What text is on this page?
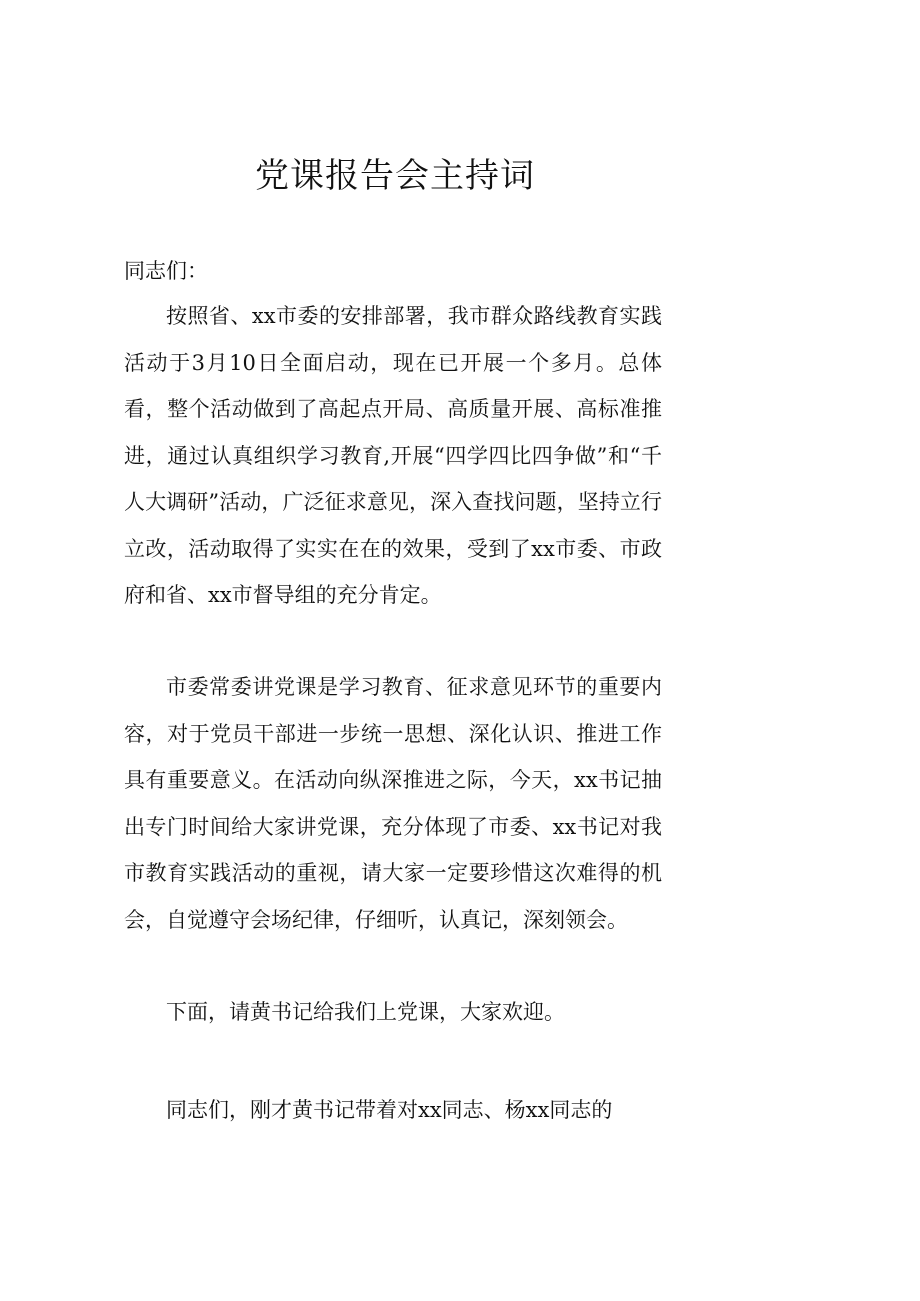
党课报告会主持词
同志们：

按照省、xx市委的安排部署，我市群众路线教育实践活动于3月10日全面启动，现在已开展一个多月。总体看，整个活动做到了高起点开局、高质量开展、高标准推进，通过认真组织学习教育,开展“四学四比四争做”和“千人大调研”活动，广泛征求意见，深入查找问题，坚持立行立改，活动取得了实实在在的效果，受到了xx市委、市政府和省、xx市督导组的充分肯定。

市委常委讲党课是学习教育、征求意见环节的重要内容，对于党员干部进一步统一思想、深化认识、推进工作具有重要意义。在活动向纵深推进之际，今天，xx书记抽出专门时间给大家讲党课，充分体现了市委、xx书记对我市教育实践活动的重视，请大家一定要珍惜这次难得的机会，自觉遵守会场纪律，仔细听，认真记，深刻领会。

下面，请黄书记给我们上党课，大家欢迎。

同志们，刚才黄书记带着对xx同志、杨xx同志的
